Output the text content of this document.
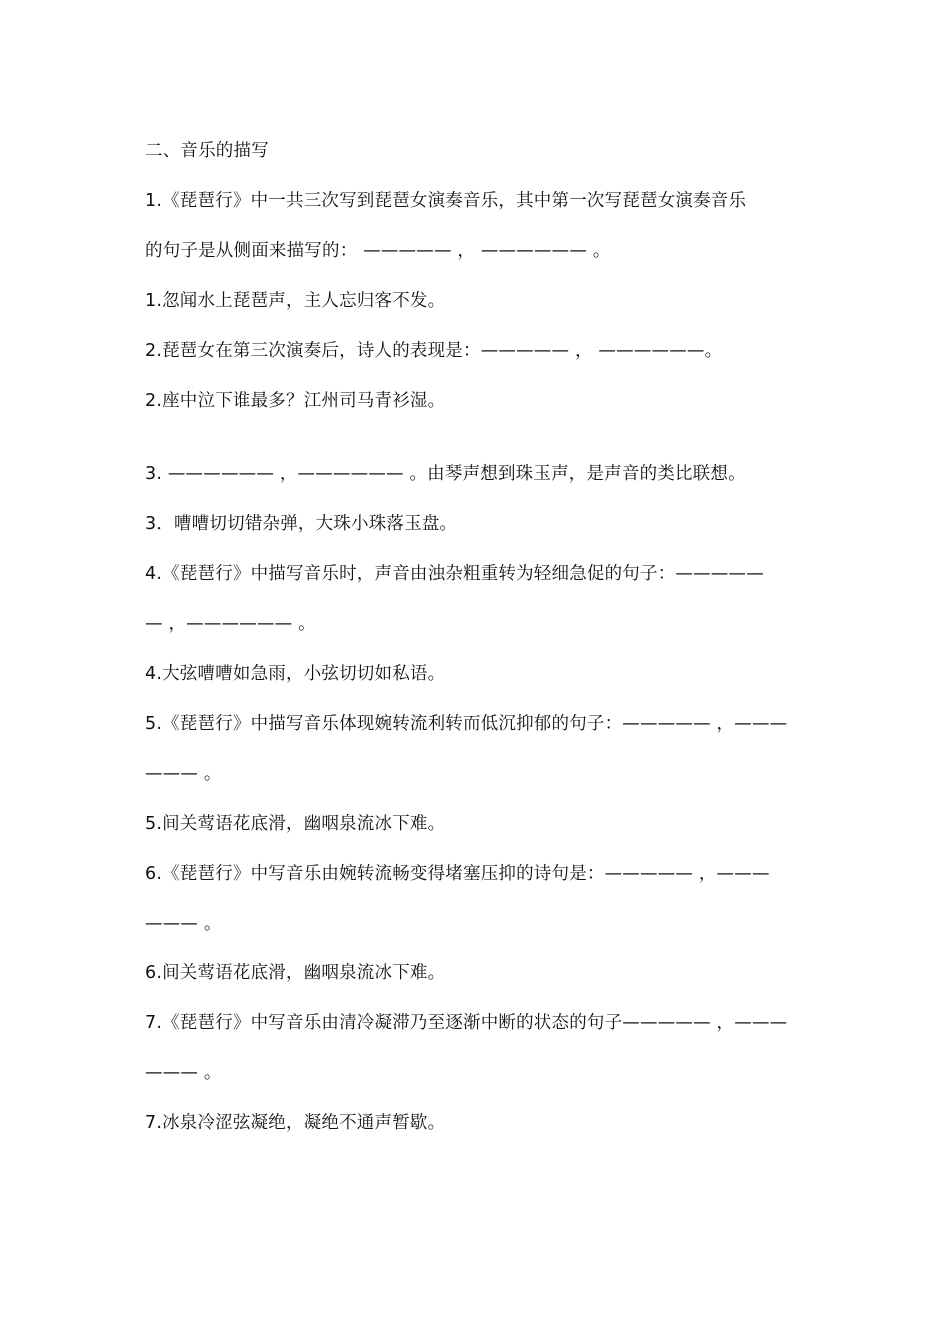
二、音乐的描写
1.《琵琶行》中一共三次写到琵琶女演奏音乐，其中第一次写琵琶女演奏音乐
的句子是从侧面来描写的： ————— ， —————— 。
1.忽闻水上琵琶声，主人忘归客不发。
2.琵琶女在第三次演奏后，诗人的表现是：————— ， ——————。
2.座中泣下谁最多？江州司马青衫湿。
3. —————— ，—————— 。由琴声想到珠玉声，是声音的类比联想。
3．嘈嘈切切错杂弹，大珠小珠落玉盘。
4.《琵琶行》中描写音乐时，声音由浊杂粗重转为轻细急促的句子：—————
— ，—————— 。
4.大弦嘈嘈如急雨，小弦切切如私语。
5.《琵琶行》中描写音乐体现婉转流利转而低沉抑郁的句子：————— ，———
——— 。
5.间关莺语花底滑，幽咽泉流冰下难。
6.《琵琶行》中写音乐由婉转流畅变得堵塞压抑的诗句是：————— ，———
——— 。
6.间关莺语花底滑，幽咽泉流冰下难。
7.《琵琶行》中写音乐由清冷凝滞乃至逐渐中断的状态的句子————— ，———
——— 。
7.冰泉冷涩弦凝绝，凝绝不通声暂歇。
